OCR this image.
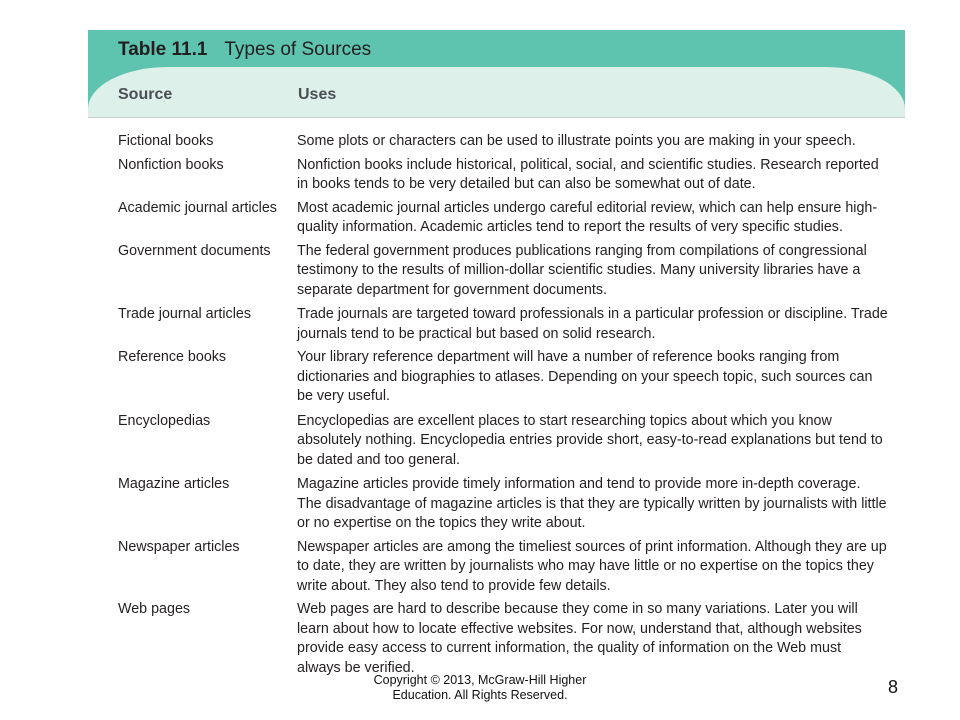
Table 11.1 Types of Sources
Source	Uses
Fictional books	Some plots or characters can be used to illustrate points you are making in your speech.
Nonfiction books	Nonfiction books include historical, political, social, and scientific studies. Research reported in books tends to be very detailed but can also be somewhat out of date.
Academic journal articles	Most academic journal articles undergo careful editorial review, which can help ensure high-quality information. Academic articles tend to report the results of very specific studies.
Government documents	The federal government produces publications ranging from compilations of congressional testimony to the results of million-dollar scientific studies. Many university libraries have a separate department for government documents.
Trade journal articles	Trade journals are targeted toward professionals in a particular profession or discipline. Trade journals tend to be practical but based on solid research.
Reference books	Your library reference department will have a number of reference books ranging from dictionaries and biographies to atlases. Depending on your speech topic, such sources can be very useful.
Encyclopedias	Encyclopedias are excellent places to start researching topics about which you know absolutely nothing. Encyclopedia entries provide short, easy-to-read explanations but tend to be dated and too general.
Magazine articles	Magazine articles provide timely information and tend to provide more in-depth coverage. The disadvantage of magazine articles is that they are typically written by journalists with little or no expertise on the topics they write about.
Newspaper articles	Newspaper articles are among the timeliest sources of print information. Although they are up to date, they are written by journalists who may have little or no expertise on the topics they write about. They also tend to provide few details.
Web pages	Web pages are hard to describe because they come in so many variations. Later you will learn about how to locate effective websites. For now, understand that, although websites provide easy access to current information, the quality of information on the Web must always be verified.
Copyright © 2013, McGraw-Hill Higher
Education. All Rights Reserved.	8
